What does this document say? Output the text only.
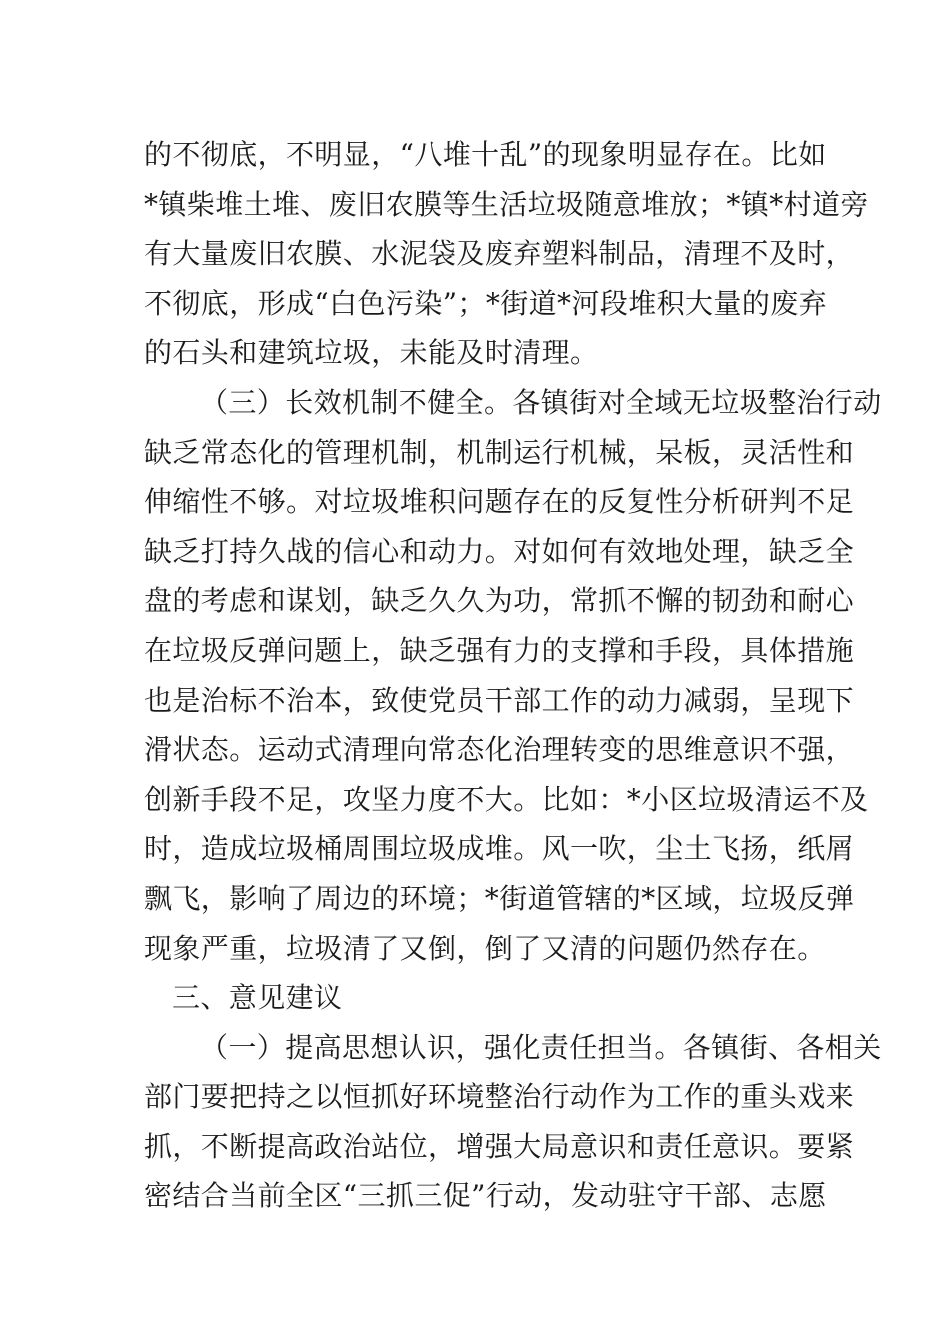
的不彻底，不明显，“八堆十乱”的现象明显存在。比如
*镇柴堆土堆、废旧农膜等生活垃圾随意堆放；*镇*村道旁
有大量废旧农膜、水泥袋及废弃塑料制品，清理不及时，
不彻底，形成“白色污染”；*街道*河段堆积大量的废弃
的石头和建筑垃圾，未能及时清理。
（三）长效机制不健全。各镇街对全域无垃圾整治行动
缺乏常态化的管理机制，机制运行机械，呆板，灵活性和
伸缩性不够。对垃圾堆积问题存在的反复性分析研判不足
缺乏打持久战的信心和动力。对如何有效地处理，缺乏全
盘的考虑和谋划，缺乏久久为功，常抓不懈的韧劲和耐心
在垃圾反弹问题上，缺乏强有力的支撑和手段，具体措施
也是治标不治本，致使党员干部工作的动力减弱，呈现下
滑状态。运动式清理向常态化治理转变的思维意识不强，
创新手段不足，攻坚力度不大。比如：*小区垃圾清运不及
时，造成垃圾桶周围垃圾成堆。风一吹，尘土飞扬，纸屑
飘飞，影响了周边的环境；*街道管辖的*区域，垃圾反弹
现象严重，垃圾清了又倒，倒了又清的问题仍然存在。
三、意见建议
（一）提高思想认识，强化责任担当。各镇街、各相关
部门要把持之以恒抓好环境整治行动作为工作的重头戏来
抓，不断提高政治站位，增强大局意识和责任意识。要紧
密结合当前全区“三抓三促”行动，发动驻守干部、志愿
